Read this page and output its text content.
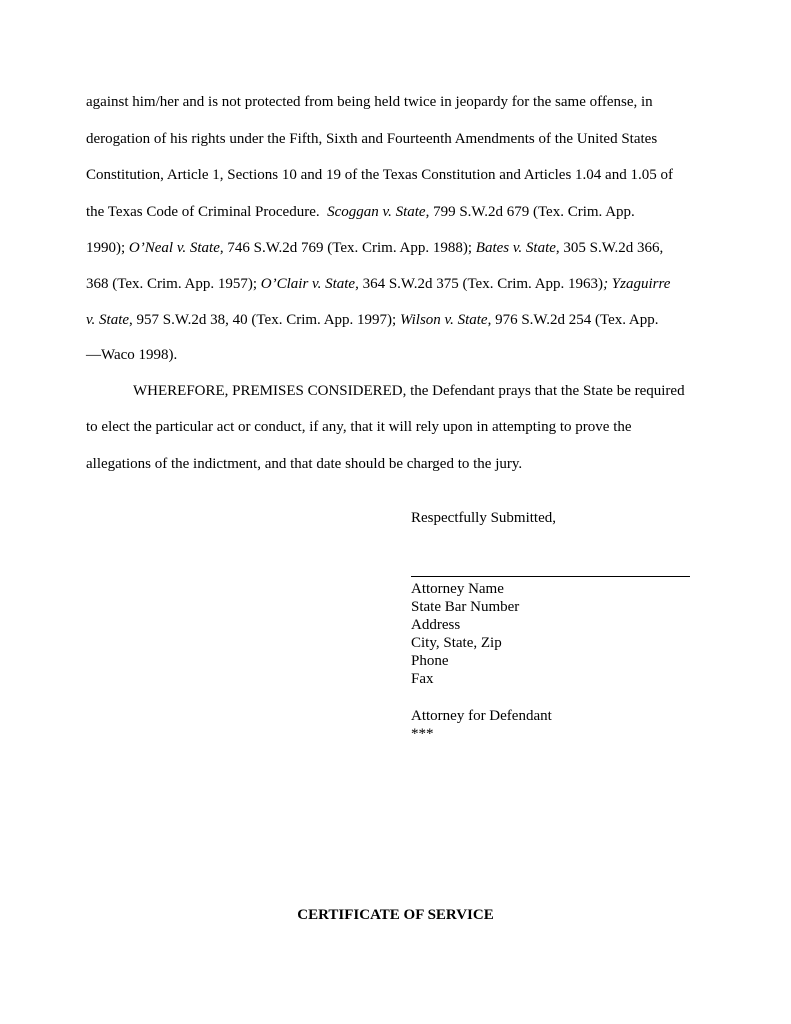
against him/her and is not protected from being held twice in jeopardy for the same offense, in
derogation of his rights under the Fifth, Sixth and Fourteenth Amendments of the United States
Constitution, Article 1, Sections 10 and 19 of the Texas Constitution and Articles 1.04 and 1.05 of
the Texas Code of Criminal Procedure.  Scoggan v. State, 799 S.W.2d 679 (Tex. Crim. App.
1990); O’Neal v. State, 746 S.W.2d 769 (Tex. Crim. App. 1988); Bates v. State, 305 S.W.2d 366,
368 (Tex. Crim. App. 1957); O’Clair v. State, 364 S.W.2d 375 (Tex. Crim. App. 1963); Yzaguirre
v. State, 957 S.W.2d 38, 40 (Tex. Crim. App. 1997); Wilson v. State, 976 S.W.2d 254 (Tex. App.
—Waco 1998).
WHEREFORE, PREMISES CONSIDERED, the Defendant prays that the State be required
to elect the particular act or conduct, if any, that it will rely upon in attempting to prove the
allegations of the indictment, and that date should be charged to the jury.
Respectfully Submitted,
Attorney Name
State Bar Number
Address
City, State, Zip
Phone
Fax
Attorney for Defendant
***
CERTIFICATE OF SERVICE
